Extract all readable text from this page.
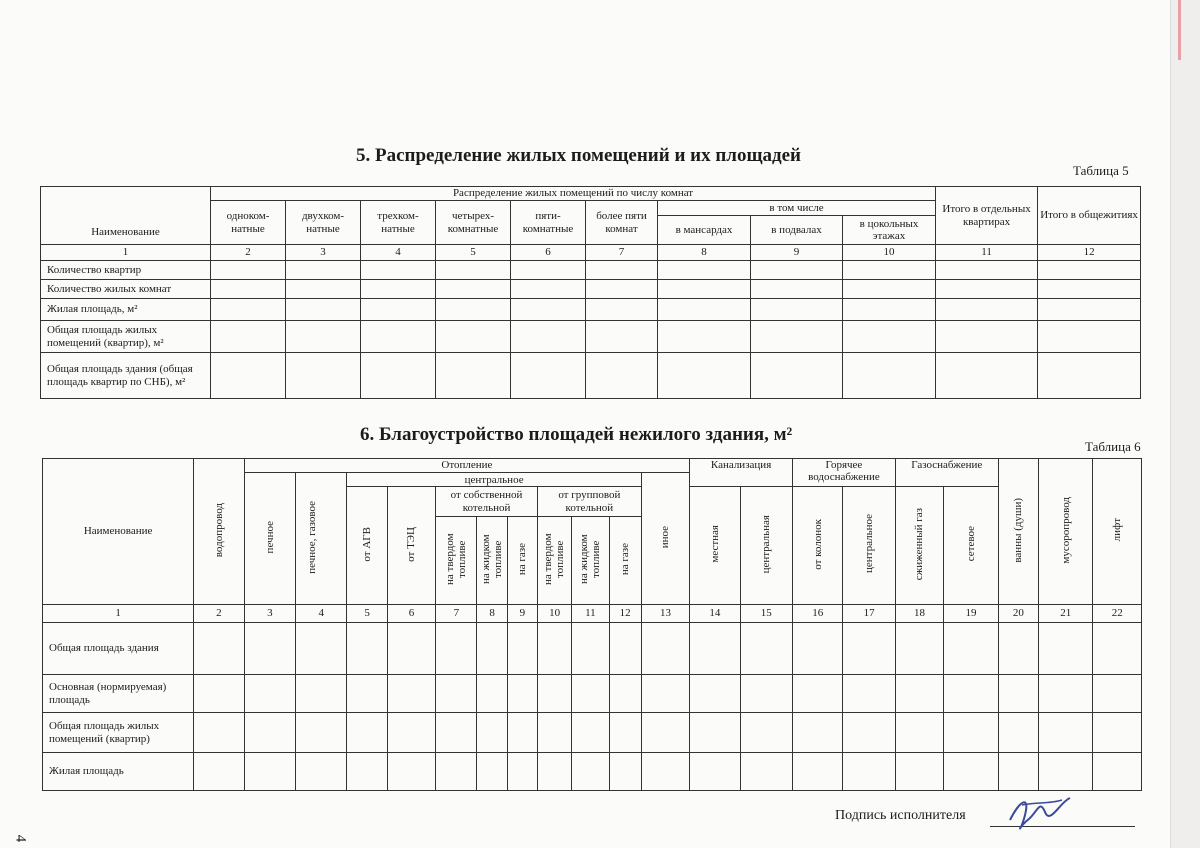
5. Распределение жилых помещений и их площадей
Таблица 5
Наименование	Распределение жилых помещений по числу комнат									Итого в отдельных квартирах	Итого в общежитиях
	одноком-натные	двухком-натные	трехком-натные	четырех-комнатные	пяти-комнатные	более пяти комнат	в том числе				
							в мансардах	в подвалах	в цокольных этажах		
1	2	3	4	5	6	7	8	9	10	11	12
Количество квартир											
Количество жилых комнат											
Жилая площадь, м²											
Общая площадь жилых помещений (квартир), м²											
Общая площадь здания (общая площадь квартир по СНБ), м²											
6. Благоустройство площадей нежилого здания, м²
Таблица 6
Наименование	водопровод	Отопление											Канализация		Горячее водоснабжение		Газоснабжение		ванны (души)	мусоропровод	лифт
		печное	печное, газовое	центральное								иное									
				от АГВ	от ТЭЦ	от собственной котельной			от групповой котельной				местная	центральная	от колонок	центральное	сжиженный газ	сетевое			

						на твердом топливе	на жидком топливе	на газе	на твердом топливе	на жидком топливе	на газе										
1	2	3	4	5	6	7	8	9	10	11	12	13	14	15	16	17	18	19	20	21	22
Общая площадь здания																					
Основная (нормируемая) площадь																					
Общая площадь жилых помещений (квартир)																					
Жилая площадь																					
Подпись исполнителя
4
